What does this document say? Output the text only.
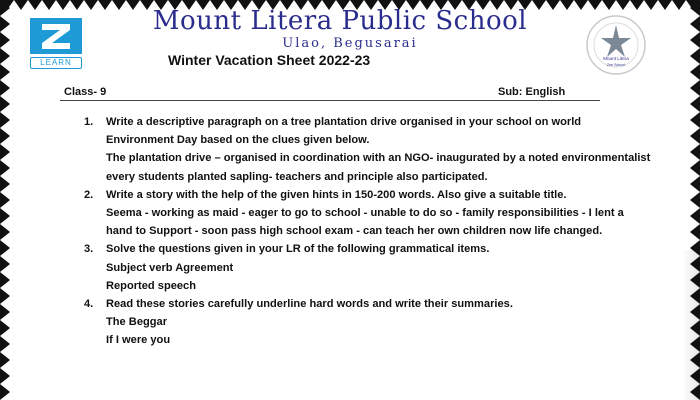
LEARN
Mount Litera Public School
Ulao, Begusarai
Winter Vacation Sheet 2022-23	Mount Litera
Zee School
Class- 9	Sub: English
1. Write a descriptive paragraph on a tree plantation drive organised in your school on world
Environment Day based on the clues given below.
The plantation drive – organised in coordination with an NGO- inaugurated by a noted environmentalist
every students planted sapling- teachers and principle also participated.
2. Write a story with the help of the given hints in 150-200 words. Also give a suitable title.
Seema - working as maid - eager to go to school - unable to do so - family responsibilities - I lent a
hand to Support - soon pass high school exam - can teach her own children now life changed.
3. Solve the questions given in your LR of the following grammatical items.
Subject verb Agreement
Reported speech
4. Read these stories carefully underline hard words and write their summaries.
The Beggar
If I were you
